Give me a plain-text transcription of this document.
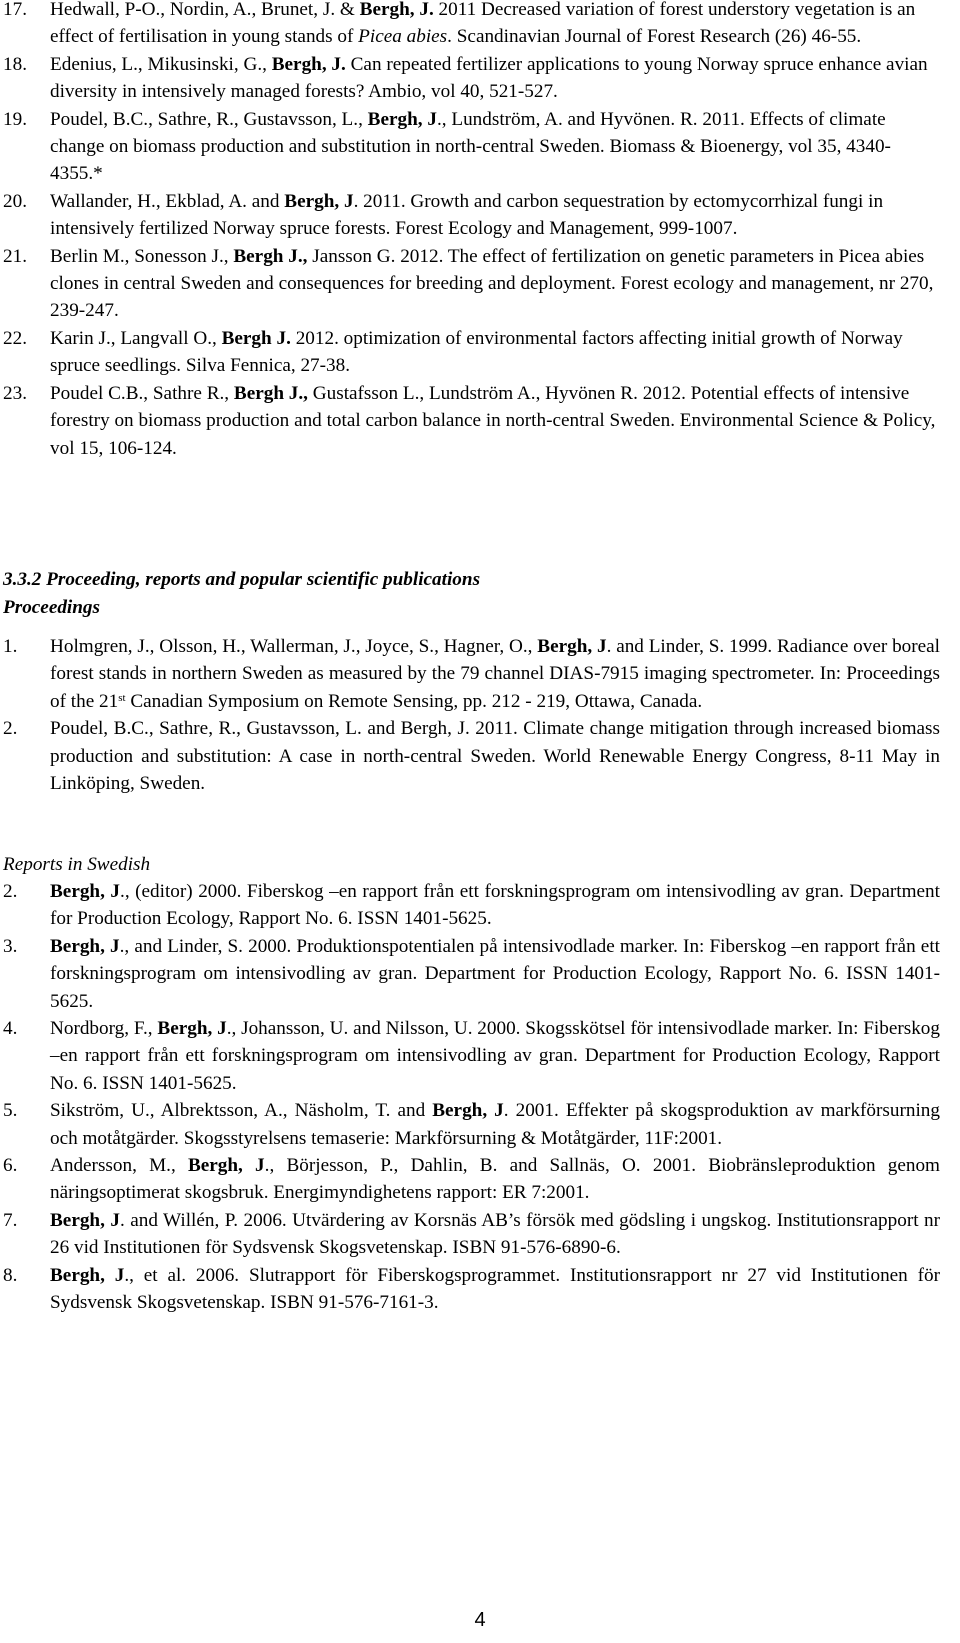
17. Hedwall, P-O., Nordin, A., Brunet, J. & Bergh, J. 2011 Decreased variation of forest understory vegetation is an effect of fertilisation in young stands of Picea abies. Scandinavian Journal of Forest Research (26) 46-55.
18. Edenius, L., Mikusinski, G., Bergh, J. Can repeated fertilizer applications to young Norway spruce enhance avian diversity in intensively managed forests? Ambio, vol 40, 521-527.
19. Poudel, B.C., Sathre, R., Gustavsson, L., Bergh, J., Lundström, A. and Hyvönen. R. 2011. Effects of climate change on biomass production and substitution in north-central Sweden. Biomass & Bioenergy, vol 35, 4340-4355.*
20. Wallander, H., Ekblad, A. and Bergh, J. 2011. Growth and carbon sequestration by ectomycorrhizal fungi in intensively fertilized Norway spruce forests. Forest Ecology and Management, 999-1007.
21. Berlin M., Sonesson J., Bergh J., Jansson G. 2012. The effect of fertilization on genetic parameters in Picea abies clones in central Sweden and consequences for breeding and deployment. Forest ecology and management, nr 270, 239-247.
22. Karin J., Langvall O., Bergh J. 2012. optimization of environmental factors affecting initial growth of Norway spruce seedlings. Silva Fennica, 27-38.
23. Poudel C.B., Sathre R., Bergh J., Gustafsson L., Lundström A., Hyvönen R. 2012. Potential effects of intensive forestry on biomass production and total carbon balance in north-central Sweden. Environmental Science & Policy, vol 15, 106-124.
3.3.2 Proceeding, reports and popular scientific publications
Proceedings
1. Holmgren, J., Olsson, H., Wallerman, J., Joyce, S., Hagner, O., Bergh, J. and Linder, S. 1999. Radiance over boreal forest stands in northern Sweden as measured by the 79 channel DIAS-7915 imaging spectrometer. In: Proceedings of the 21st Canadian Symposium on Remote Sensing, pp. 212 - 219, Ottawa, Canada.
2. Poudel, B.C., Sathre, R., Gustavsson, L. and Bergh, J. 2011. Climate change mitigation through increased biomass production and substitution: A case in north-central Sweden. World Renewable Energy Congress, 8-11 May in Linköping, Sweden.
Reports in Swedish
2. Bergh, J., (editor) 2000. Fiberskog –en rapport från ett forskningsprogram om intensivodling av gran. Department for Production Ecology, Rapport No. 6. ISSN 1401-5625.
3. Bergh, J., and Linder, S. 2000. Produktionspotentialen på intensivodlade marker. In: Fiberskog –en rapport från ett forskningsprogram om intensivodling av gran. Department for Production Ecology, Rapport No. 6. ISSN 1401-5625.
4. Nordborg, F., Bergh, J., Johansson, U. and Nilsson, U. 2000. Skogsskötsel för intensivodlade marker. In: Fiberskog –en rapport från ett forskningsprogram om intensivodling av gran. Department for Production Ecology, Rapport No. 6. ISSN 1401-5625.
5. Sikström, U., Albrektsson, A., Näsholm, T. and Bergh, J. 2001. Effekter på skogsproduktion av markförsurning och motåtgärder. Skogsstyrelsens temaserie: Markförsurning & Motåtgärder, 11F:2001.
6. Andersson, M., Bergh, J., Börjesson, P., Dahlin, B. and Sallnäs, O. 2001. Biobränsleproduktion genom näringsoptimerat skogsbruk. Energimyndighetens rapport: ER 7:2001.
7. Bergh, J. and Willén, P. 2006. Utvärdering av Korsnäs AB’s försök med gödsling i ungskog. Institutionsrapport nr 26 vid Institutionen för Sydsvensk Skogsvetenskap. ISBN 91-576-6890-6.
8. Bergh, J., et al. 2006. Slutrapport för Fiberskogsprogrammet. Institutionsrapport nr 27 vid Institutionen för Sydsvensk Skogsvetenskap. ISBN 91-576-7161-3.
4
